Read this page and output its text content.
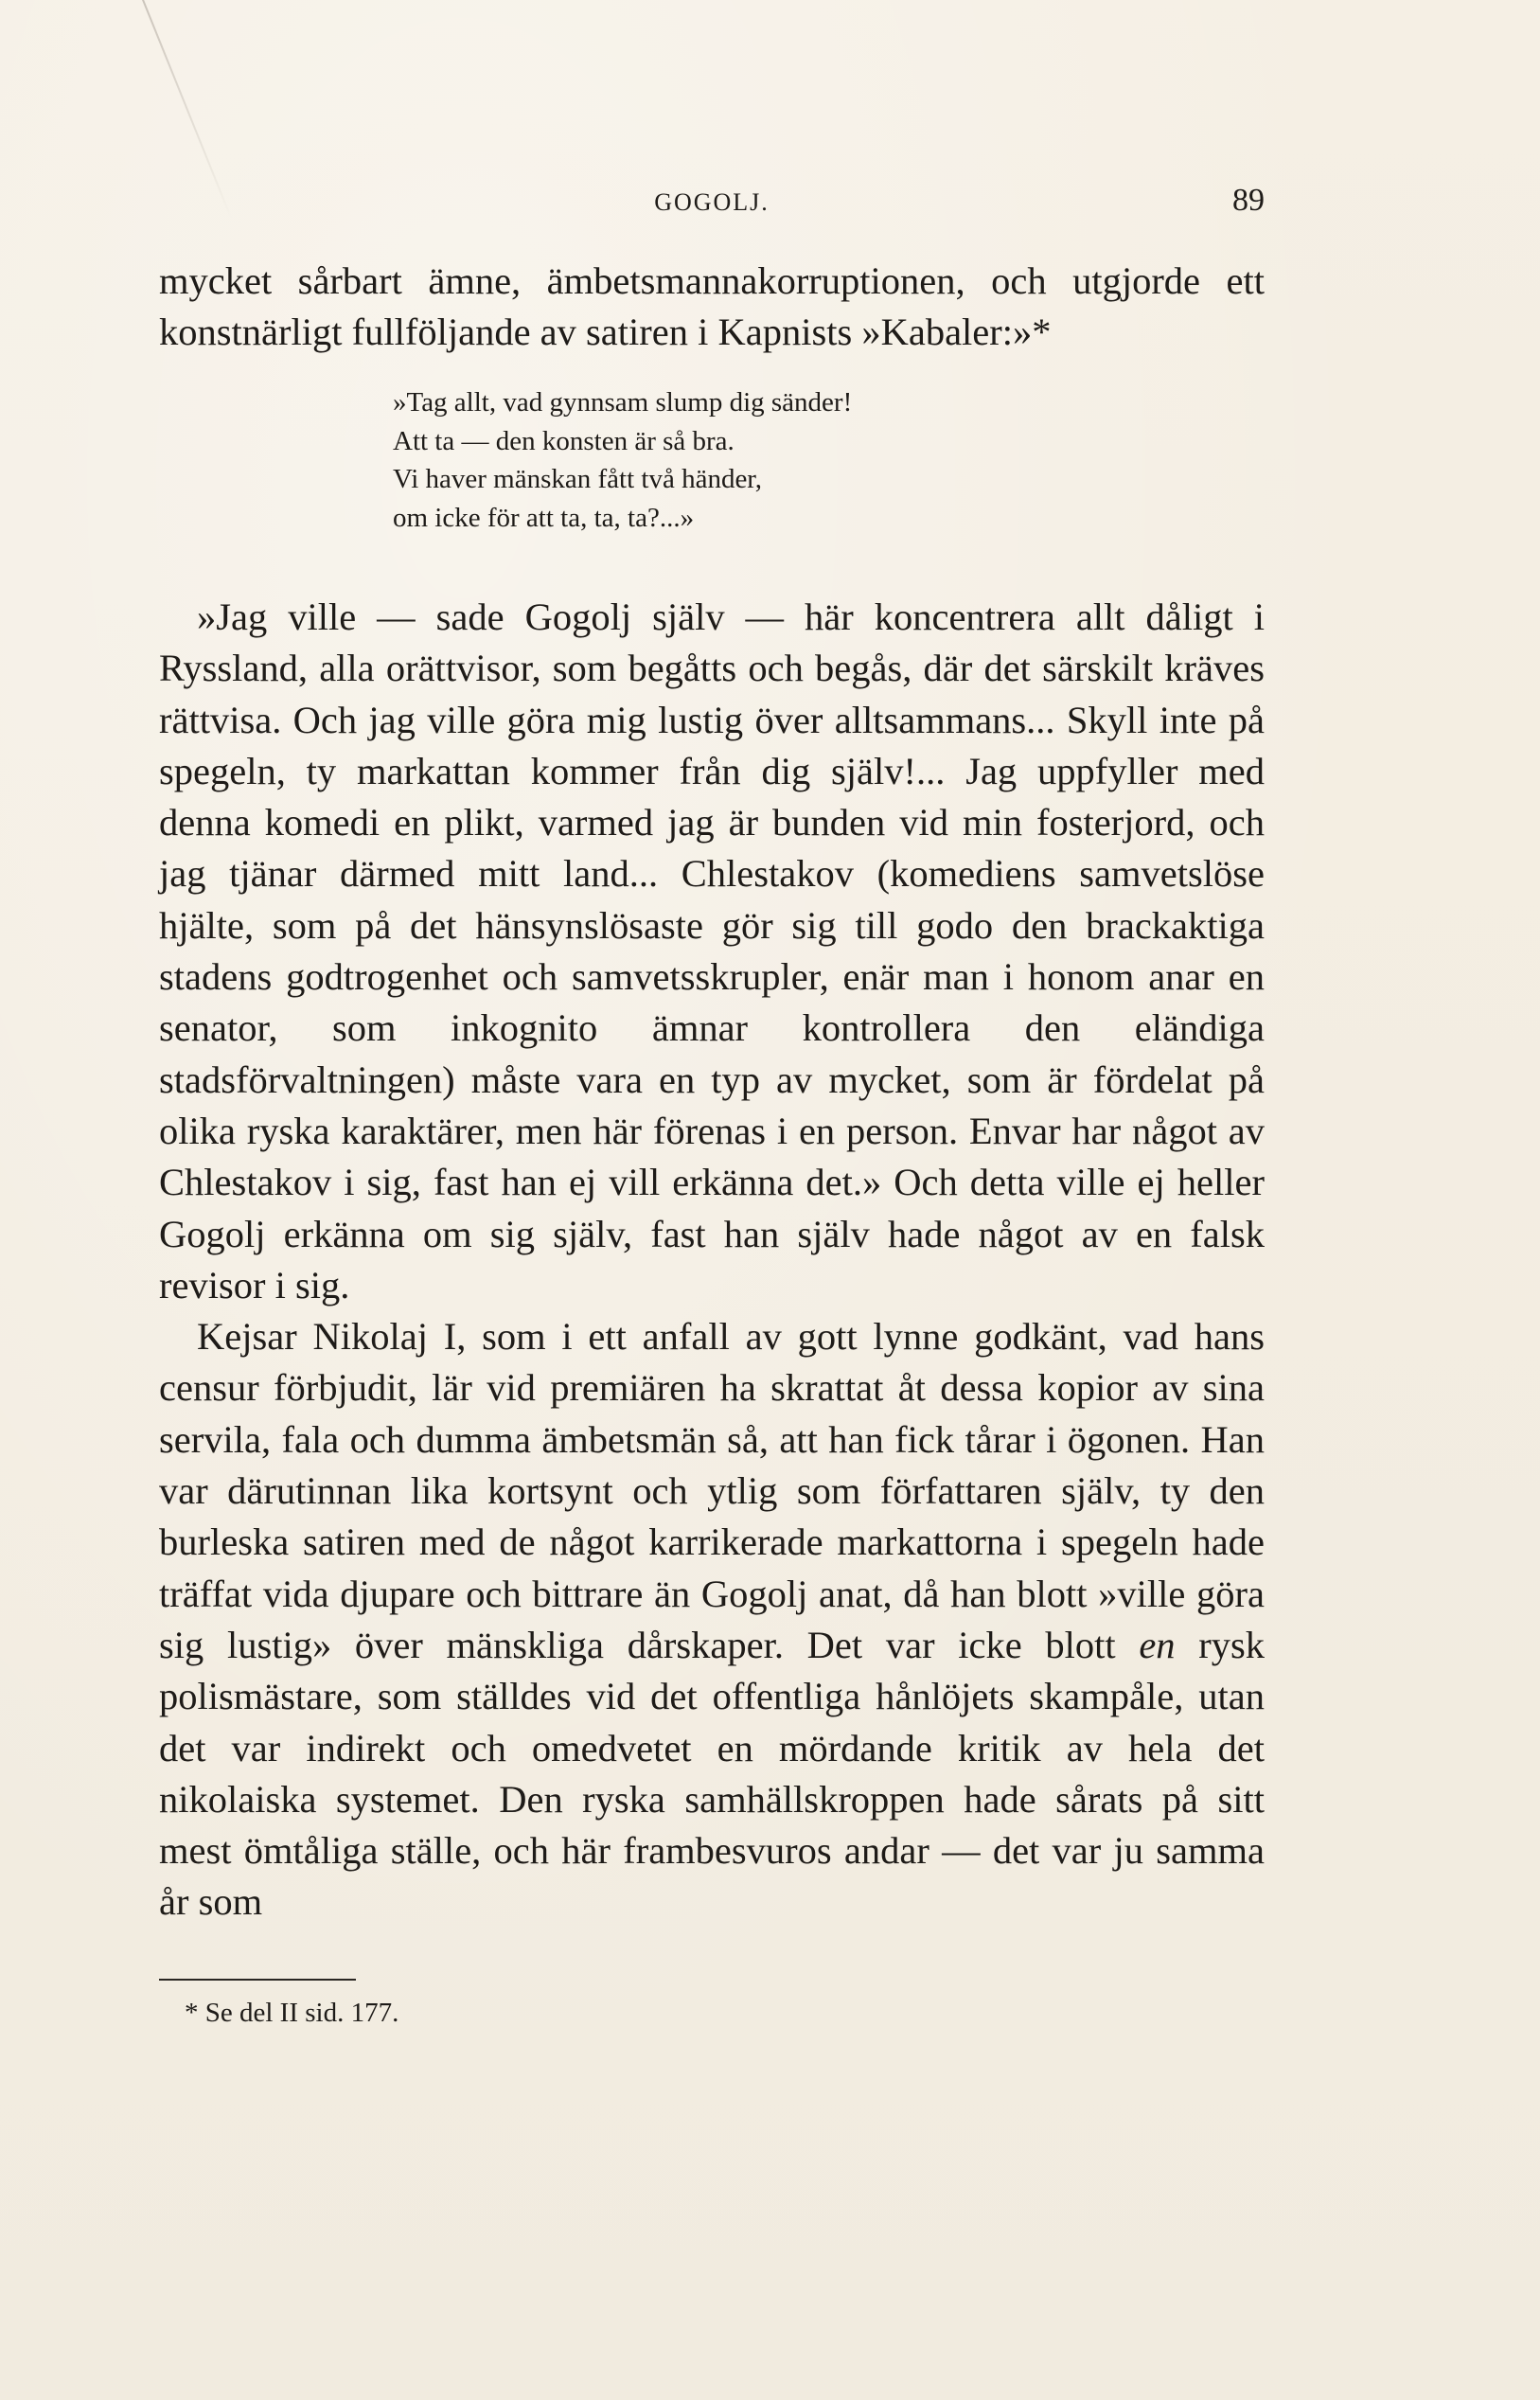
GOGOLJ.	89

mycket sårbart ämne, ämbetsmannakorruptionen, och utgjorde ett konstnärligt fullföljande av satiren i Kapnists »Kabaler:»*

»Tag allt, vad gynnsam slump dig sänder!
Att ta — den konsten är så bra.
Vi haver mänskan fått två händer,
om icke för att ta, ta, ta?...»

»Jag ville — sade Gogolj själv — här koncentrera allt dåligt i Ryssland, alla orättvisor, som begåtts och begås, där det särskilt kräves rättvisa. Och jag ville göra mig lustig över alltsammans... Skyll inte på spegeln, ty markattan kommer från dig själv!... Jag uppfyller med denna komedi en plikt, varmed jag är bunden vid min fosterjord, och jag tjänar därmed mitt land... Chlestakov (komediens samvetslöse hjälte, som på det hänsynslösaste gör sig till godo den brackaktiga stadens godtrogenhet och samvetsskrupler, enär man i honom anar en senator, som inkognito ämnar kontrollera den eländiga stadsförvaltningen) måste vara en typ av mycket, som är fördelat på olika ryska karaktärer, men här förenas i en person. Envar har något av Chlestakov i sig, fast han ej vill erkänna det.» Och detta ville ej heller Gogolj erkänna om sig själv, fast han själv hade något av en falsk revisor i sig.

Kejsar Nikolaj I, som i ett anfall av gott lynne godkänt, vad hans censur förbjudit, lär vid premiären ha skrattat åt dessa kopior av sina servila, fala och dumma ämbetsmän så, att han fick tårar i ögonen. Han var därutinnan lika kortsynt och ytlig som författaren själv, ty den burleska satiren med de något karrikerade markattorna i spegeln hade träffat vida djupare och bittrare än Gogolj anat, då han blott »ville göra sig lustig» över mänskliga dårskaper. Det var icke blott en rysk polismästare, som ställdes vid det offentliga hånlöjets skampåle, utan det var indirekt och omedvetet en mördande kritik av hela det nikolaiska systemet. Den ryska samhällskroppen hade sårats på sitt mest ömtåliga ställe, och här frambesvuros andar — det var ju samma år som

* Se del II sid. 177.
